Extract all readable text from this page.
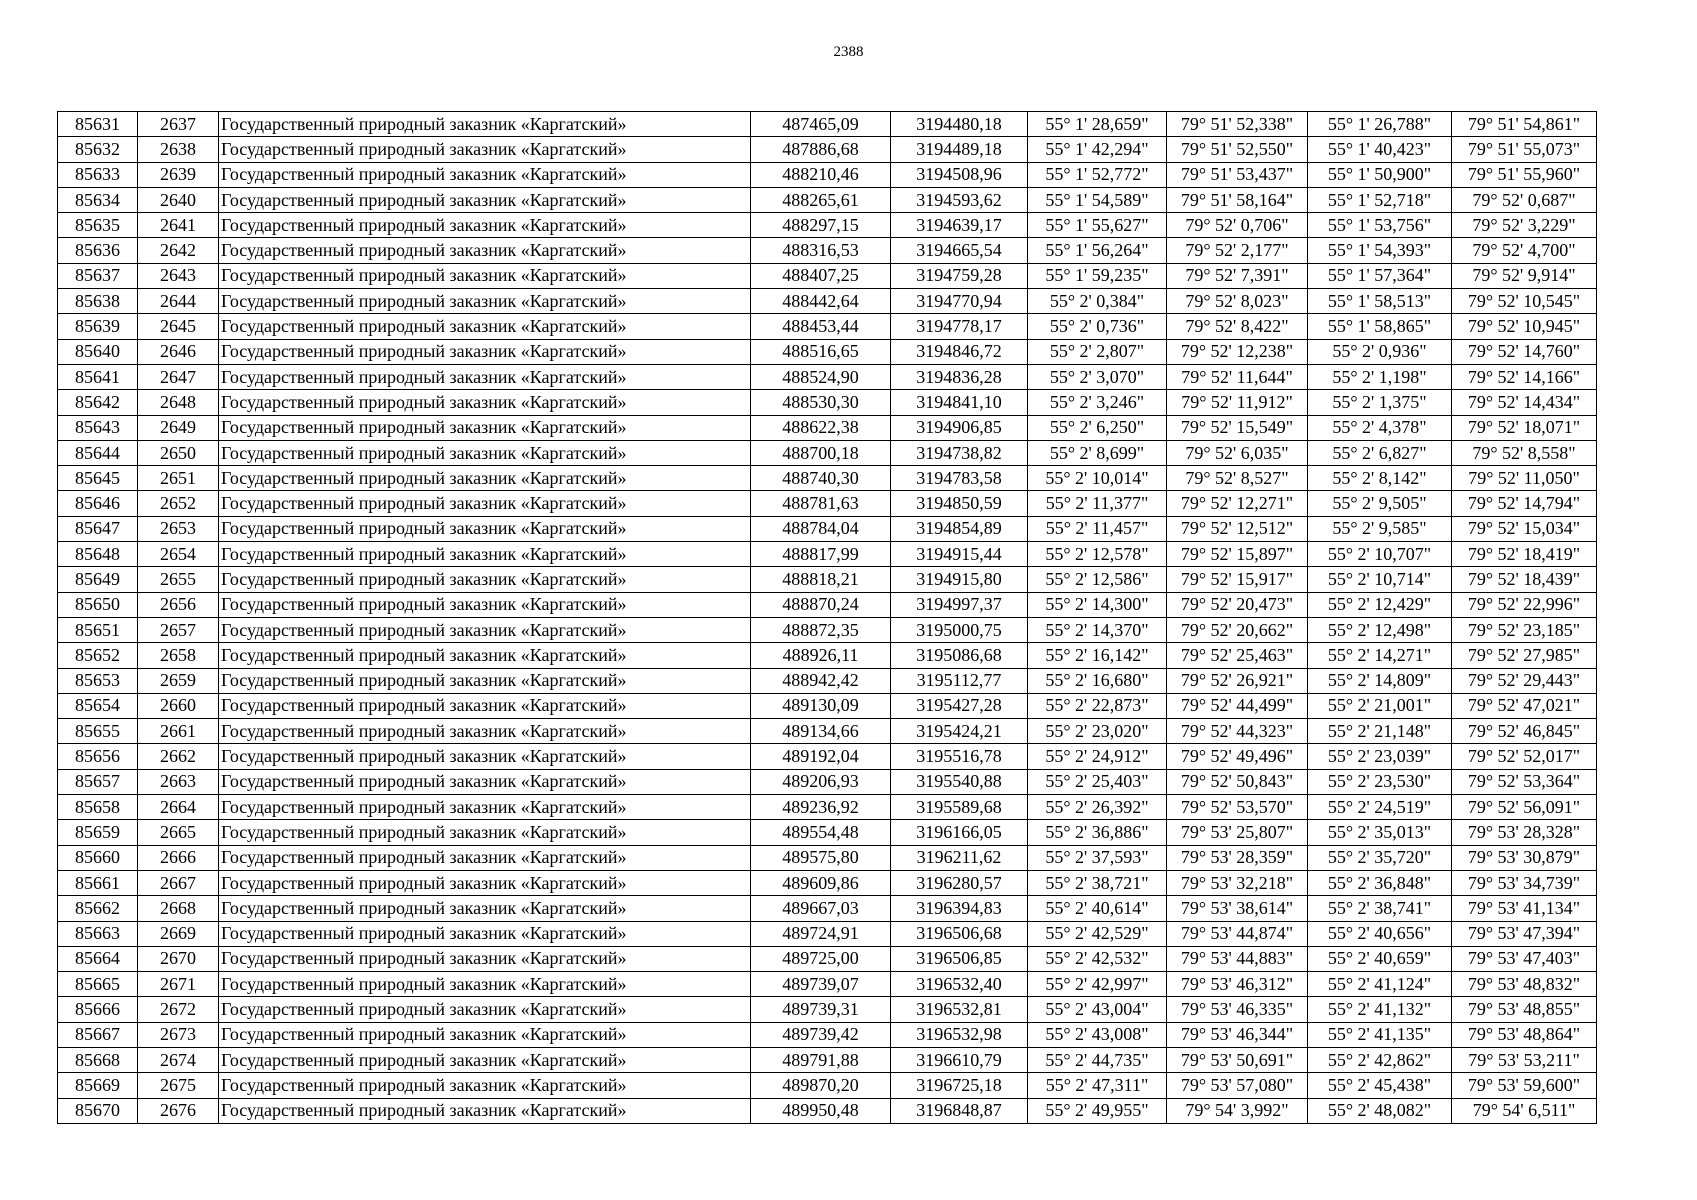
2388
85631	2637	Государственный природный заказник «Каргатский»	487465,09	3194480,18	55° 1' 28,659"	79° 51' 52,338"	55° 1' 26,788"	79° 51' 54,861"
85632	2638	Государственный природный заказник «Каргатский»	487886,68	3194489,18	55° 1' 42,294"	79° 51' 52,550"	55° 1' 40,423"	79° 51' 55,073"
85633	2639	Государственный природный заказник «Каргатский»	488210,46	3194508,96	55° 1' 52,772"	79° 51' 53,437"	55° 1' 50,900"	79° 51' 55,960"
85634	2640	Государственный природный заказник «Каргатский»	488265,61	3194593,62	55° 1' 54,589"	79° 51' 58,164"	55° 1' 52,718"	79° 52' 0,687"
85635	2641	Государственный природный заказник «Каргатский»	488297,15	3194639,17	55° 1' 55,627"	79° 52' 0,706"	55° 1' 53,756"	79° 52' 3,229"
85636	2642	Государственный природный заказник «Каргатский»	488316,53	3194665,54	55° 1' 56,264"	79° 52' 2,177"	55° 1' 54,393"	79° 52' 4,700"
85637	2643	Государственный природный заказник «Каргатский»	488407,25	3194759,28	55° 1' 59,235"	79° 52' 7,391"	55° 1' 57,364"	79° 52' 9,914"
85638	2644	Государственный природный заказник «Каргатский»	488442,64	3194770,94	55° 2' 0,384"	79° 52' 8,023"	55° 1' 58,513"	79° 52' 10,545"
85639	2645	Государственный природный заказник «Каргатский»	488453,44	3194778,17	55° 2' 0,736"	79° 52' 8,422"	55° 1' 58,865"	79° 52' 10,945"
85640	2646	Государственный природный заказник «Каргатский»	488516,65	3194846,72	55° 2' 2,807"	79° 52' 12,238"	55° 2' 0,936"	79° 52' 14,760"
85641	2647	Государственный природный заказник «Каргатский»	488524,90	3194836,28	55° 2' 3,070"	79° 52' 11,644"	55° 2' 1,198"	79° 52' 14,166"
85642	2648	Государственный природный заказник «Каргатский»	488530,30	3194841,10	55° 2' 3,246"	79° 52' 11,912"	55° 2' 1,375"	79° 52' 14,434"
85643	2649	Государственный природный заказник «Каргатский»	488622,38	3194906,85	55° 2' 6,250"	79° 52' 15,549"	55° 2' 4,378"	79° 52' 18,071"
85644	2650	Государственный природный заказник «Каргатский»	488700,18	3194738,82	55° 2' 8,699"	79° 52' 6,035"	55° 2' 6,827"	79° 52' 8,558"
85645	2651	Государственный природный заказник «Каргатский»	488740,30	3194783,58	55° 2' 10,014"	79° 52' 8,527"	55° 2' 8,142"	79° 52' 11,050"
85646	2652	Государственный природный заказник «Каргатский»	488781,63	3194850,59	55° 2' 11,377"	79° 52' 12,271"	55° 2' 9,505"	79° 52' 14,794"
85647	2653	Государственный природный заказник «Каргатский»	488784,04	3194854,89	55° 2' 11,457"	79° 52' 12,512"	55° 2' 9,585"	79° 52' 15,034"
85648	2654	Государственный природный заказник «Каргатский»	488817,99	3194915,44	55° 2' 12,578"	79° 52' 15,897"	55° 2' 10,707"	79° 52' 18,419"
85649	2655	Государственный природный заказник «Каргатский»	488818,21	3194915,80	55° 2' 12,586"	79° 52' 15,917"	55° 2' 10,714"	79° 52' 18,439"
85650	2656	Государственный природный заказник «Каргатский»	488870,24	3194997,37	55° 2' 14,300"	79° 52' 20,473"	55° 2' 12,429"	79° 52' 22,996"
85651	2657	Государственный природный заказник «Каргатский»	488872,35	3195000,75	55° 2' 14,370"	79° 52' 20,662"	55° 2' 12,498"	79° 52' 23,185"
85652	2658	Государственный природный заказник «Каргатский»	488926,11	3195086,68	55° 2' 16,142"	79° 52' 25,463"	55° 2' 14,271"	79° 52' 27,985"
85653	2659	Государственный природный заказник «Каргатский»	488942,42	3195112,77	55° 2' 16,680"	79° 52' 26,921"	55° 2' 14,809"	79° 52' 29,443"
85654	2660	Государственный природный заказник «Каргатский»	489130,09	3195427,28	55° 2' 22,873"	79° 52' 44,499"	55° 2' 21,001"	79° 52' 47,021"
85655	2661	Государственный природный заказник «Каргатский»	489134,66	3195424,21	55° 2' 23,020"	79° 52' 44,323"	55° 2' 21,148"	79° 52' 46,845"
85656	2662	Государственный природный заказник «Каргатский»	489192,04	3195516,78	55° 2' 24,912"	79° 52' 49,496"	55° 2' 23,039"	79° 52' 52,017"
85657	2663	Государственный природный заказник «Каргатский»	489206,93	3195540,88	55° 2' 25,403"	79° 52' 50,843"	55° 2' 23,530"	79° 52' 53,364"
85658	2664	Государственный природный заказник «Каргатский»	489236,92	3195589,68	55° 2' 26,392"	79° 52' 53,570"	55° 2' 24,519"	79° 52' 56,091"
85659	2665	Государственный природный заказник «Каргатский»	489554,48	3196166,05	55° 2' 36,886"	79° 53' 25,807"	55° 2' 35,013"	79° 53' 28,328"
85660	2666	Государственный природный заказник «Каргатский»	489575,80	3196211,62	55° 2' 37,593"	79° 53' 28,359"	55° 2' 35,720"	79° 53' 30,879"
85661	2667	Государственный природный заказник «Каргатский»	489609,86	3196280,57	55° 2' 38,721"	79° 53' 32,218"	55° 2' 36,848"	79° 53' 34,739"
85662	2668	Государственный природный заказник «Каргатский»	489667,03	3196394,83	55° 2' 40,614"	79° 53' 38,614"	55° 2' 38,741"	79° 53' 41,134"
85663	2669	Государственный природный заказник «Каргатский»	489724,91	3196506,68	55° 2' 42,529"	79° 53' 44,874"	55° 2' 40,656"	79° 53' 47,394"
85664	2670	Государственный природный заказник «Каргатский»	489725,00	3196506,85	55° 2' 42,532"	79° 53' 44,883"	55° 2' 40,659"	79° 53' 47,403"
85665	2671	Государственный природный заказник «Каргатский»	489739,07	3196532,40	55° 2' 42,997"	79° 53' 46,312"	55° 2' 41,124"	79° 53' 48,832"
85666	2672	Государственный природный заказник «Каргатский»	489739,31	3196532,81	55° 2' 43,004"	79° 53' 46,335"	55° 2' 41,132"	79° 53' 48,855"
85667	2673	Государственный природный заказник «Каргатский»	489739,42	3196532,98	55° 2' 43,008"	79° 53' 46,344"	55° 2' 41,135"	79° 53' 48,864"
85668	2674	Государственный природный заказник «Каргатский»	489791,88	3196610,79	55° 2' 44,735"	79° 53' 50,691"	55° 2' 42,862"	79° 53' 53,211"
85669	2675	Государственный природный заказник «Каргатский»	489870,20	3196725,18	55° 2' 47,311"	79° 53' 57,080"	55° 2' 45,438"	79° 53' 59,600"
85670	2676	Государственный природный заказник «Каргатский»	489950,48	3196848,87	55° 2' 49,955"	79° 54' 3,992"	55° 2' 48,082"	79° 54' 6,511"
